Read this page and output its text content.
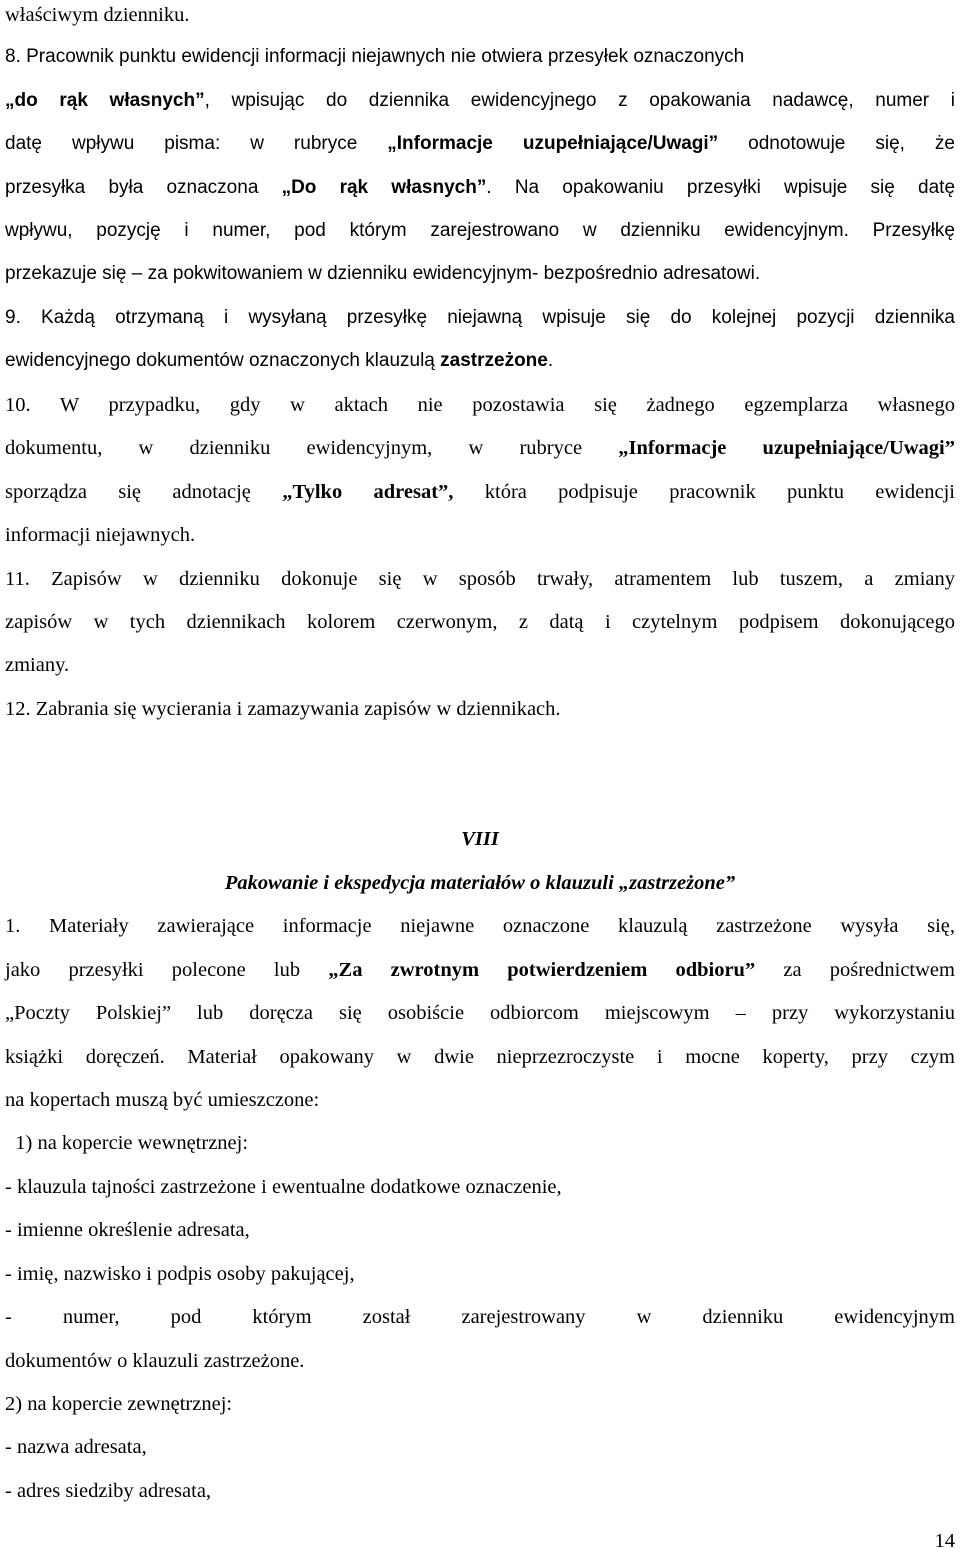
właściwym dzienniku.
8. Pracownik punktu ewidencji informacji niejawnych nie otwiera przesyłek oznaczonych
„do rąk własnych”, wpisując do dziennika ewidencyjnego z opakowania nadawcę, numer i
datę wpływu pisma: w rubryce „Informacje uzupełniające/Uwagi” odnotowuje się, że
przesyłka była oznaczona „Do rąk własnych”. Na opakowaniu przesyłki wpisuje się datę
wpływu, pozycję i numer, pod którym zarejestrowano w dzienniku ewidencyjnym. Przesyłkę
przekazuje się – za pokwitowaniem w dzienniku ewidencyjnym- bezpośrednio adresatowi.
9. Każdą otrzymaną i wysyłaną przesyłkę niejawną wpisuje się do kolejnej pozycji dziennika
ewidencyjnego dokumentów oznaczonych klauzulą zastrzeżone.
10. W przypadku, gdy w aktach nie pozostawia się żadnego egzemplarza własnego
dokumentu, w dzienniku ewidencyjnym, w rubryce „Informacje uzupełniające/Uwagi”
sporządza się adnotację „Tylko adresat”, która podpisuje pracownik punktu ewidencji
informacji niejawnych.
11. Zapisów w dzienniku dokonuje się w sposób trwały, atramentem lub tuszem, a zmiany
zapisów w tych dziennikach kolorem czerwonym, z datą i czytelnym podpisem dokonującego
zmiany.
12. Zabrania się wycierania i zamazywania zapisów w dziennikach.
VIII
Pakowanie i ekspedycja materiałów o klauzuli „zastrzeżone”
1. Materiały zawierające informacje niejawne oznaczone klauzulą zastrzeżone wysyła się,
jako przesyłki polecone lub „Za zwrotnym potwierdzeniem odbioru” za pośrednictwem
„Poczty Polskiej” lub doręcza się osobiście odbiorcom miejscowym – przy wykorzystaniu
książki doręczeń. Materiał opakowany w dwie nieprzezroczyste i mocne koperty, przy czym
na kopertach muszą być umieszczone:
1) na kopercie wewnętrznej:
- klauzula tajności zastrzeżone i ewentualne dodatkowe oznaczenie,
- imienne określenie adresata,
- imię, nazwisko i podpis osoby pakującej,
- numer, pod którym został zarejestrowany w dzienniku ewidencyjnym
dokumentów o klauzuli zastrzeżone.
2) na kopercie zewnętrznej:
- nazwa adresata,
- adres siedziby adresata,
14
